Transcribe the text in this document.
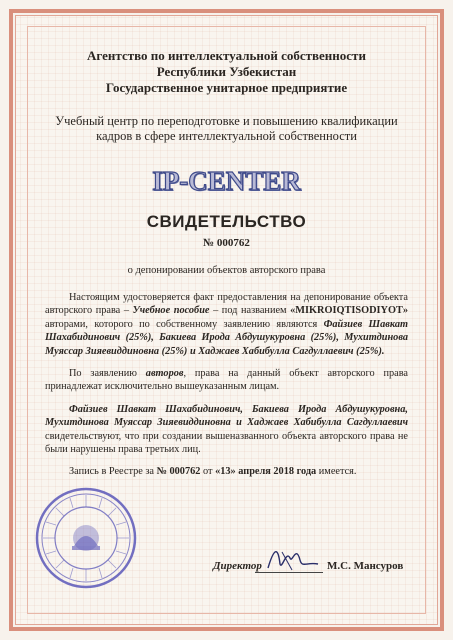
Агентство по интеллектуальной собственности
Республики Узбекистан
Государственное унитарное предприятие
Учебный центр по переподготовке и повышению квалификации
кадров в сфере интеллектуальной собственности
IP-CENTER
СВИДЕТЕЛЬСТВО
№ 000762
о депонировании объектов авторского права

Настоящим удостоверяется факт предоставления на депонирование объекта авторского права – Учебное пособие – под названием «MIKROIQTISODIYOT» авторами, которого по собственному заявлению являются Файзиев Шавкат Шахабидинович (25%), Бакиева Ирода Абдушукуровна (25%), Мухитдинова Муяссар Зияевиддиновна (25%) и Хаджаев Хабибулла Сагдуллаевич (25%).

По заявлению авторов, права на данный объект авторского права принадлежат исключительно вышеуказанным лицам.

Файзиев Шавкат Шахабидинович, Бакиева Ирода Абдушукуровна, Мухитдинова Муяссар Зияевиддиновна и Хаджаев Хабибулла Сагдуллаевич свидетельствуют, что при создании вышеназванного объекта авторского права не были нарушены права третьих лиц.

Запись в Реестре за № 000762 от «13» апреля 2018 года имеется.

Директор	М.С. Мансуров
